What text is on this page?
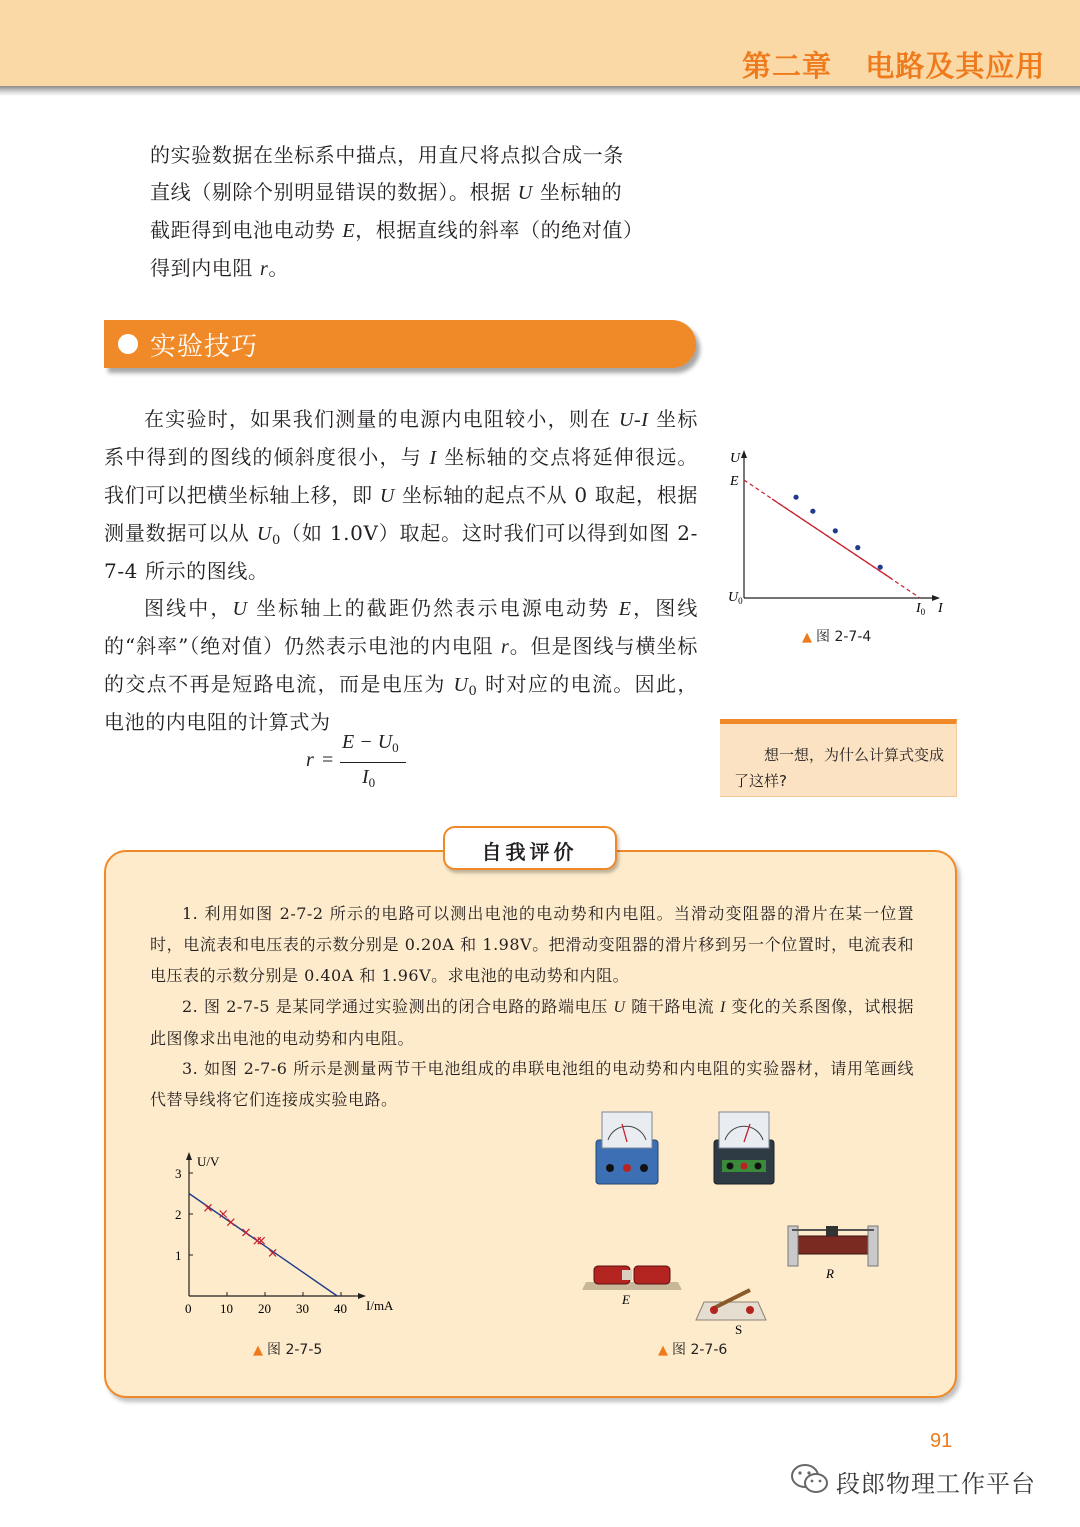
第二章 电路及其应用
的实验数据在坐标系中描点，用直尺将点拟合成一条
直线（剔除个别明显错误的数据）。根据 U 坐标轴的
截距得到电池电动势 E，根据直线的斜率（的绝对值）
得到内电阻 r。
实验技巧

在实验时，如果我们测量的电源内电阻较小，则在 U-I 坐标系中得到的图线的倾斜度很小，与 I 坐标轴的交点将延伸很远。我们可以把横坐标轴上移，即 U 坐标轴的起点不从 0 取起，根据测量数据可以从 $U_0$（如 1.0V）取起。这时我们可以得到如图 2-7-4 所示的图线。

图线中，U 坐标轴上的截距仍然表示电源电动势 E，图线的“斜率”（绝对值）仍然表示电池的内电阻 r。但是图线与横坐标的交点不再是短路电流，而是电压为 $U_0$ 时对应的电流。因此，电池的内电阻的计算式为

r =
$E - U_0$
$I_0$
U
E
$U_0$	$I_0$ I
▲ 图 2-7-4
想一想，为什么计算式变成了这样?
自我评价
1. 利用如图 2-7-2 所示的电路可以测出电池的电动势和内电阻。当滑动变阻器的滑片在某一位置时，电流表和电压表的示数分别是 0.20A 和 1.98V。把滑动变阻器的滑片移到另一个位置时，电流表和电压表的示数分别是 0.40A 和 1.96V。求电池的电动势和内阻。
2. 图 2-7-5 是某同学通过实验测出的闭合电路的路端电压 U 随干路电流 I 变化的关系图像，试根据此图像求出电池的电动势和内电阻。
3. 如图 2-7-6 所示是测量两节干电池组成的串联电池组的电动势和内电阻的实验器材，请用笔画线代替导线将它们连接成实验电路。
U/V
I/mA
0 10 20 30 40
1
2
3
▲ 图 2-7-5
E
S
R
▲ 图 2-7-6
91
段郎物理工作平台
